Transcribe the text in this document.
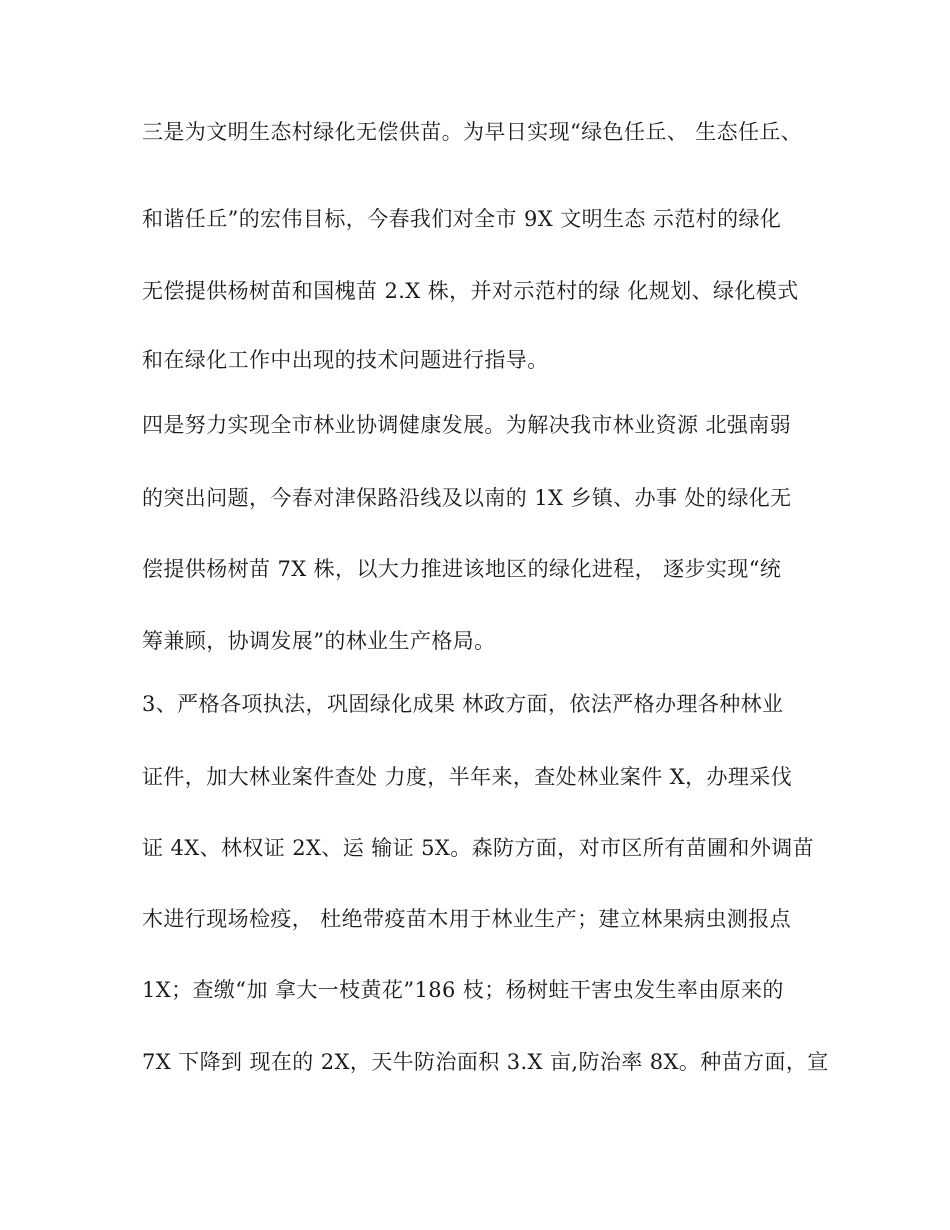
三是为文明生态村绿化无偿供苗。为早日实现“绿色任丘、 生态任丘、
和谐任丘”的宏伟目标，今春我们对全市 9X 文明生态 示范村的绿化
无偿提供杨树苗和国槐苗 2.X 株，并对示范村的绿 化规划、绿化模式
和在绿化工作中出现的技术问题进行指导。
四是努力实现全市林业协调健康发展。为解决我市林业资源 北强南弱
的突出问题，今春对津保路沿线及以南的 1X 乡镇、办事 处的绿化无
偿提供杨树苗 7X 株，以大力推进该地区的绿化进程， 逐步实现“统
筹兼顾，协调发展”的林业生产格局。
3、严格各项执法，巩固绿化成果 林政方面，依法严格办理各种林业
证件，加大林业案件查处 力度，半年来，查处林业案件 X，办理采伐
证 4X、林权证 2X、运 输证 5X。森防方面，对市区所有苗圃和外调苗
木进行现场检疫， 杜绝带疫苗木用于林业生产；建立林果病虫测报点
1X；查缴“加 拿大一枝黄花”186 枝；杨树蛀干害虫发生率由原来的
7X 下降到 现在的 2X，天牛防治面积 3.X 亩,防治率 8X。种苗方面，宣
